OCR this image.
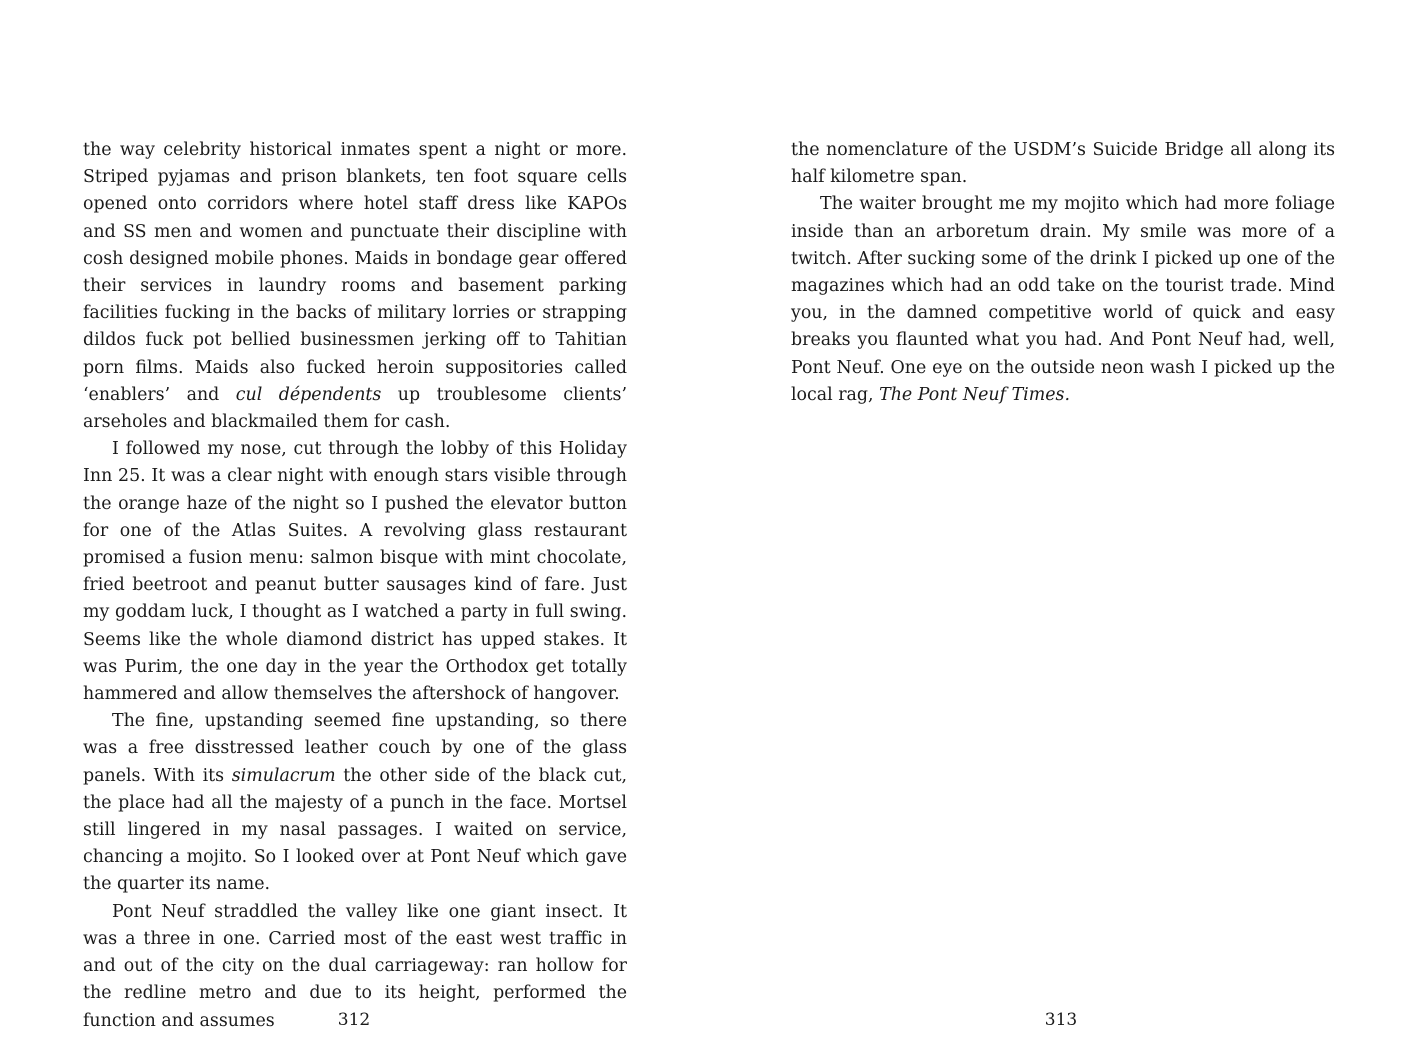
the way celebrity historical inmates spent a night or more. Striped pyjamas and prison blankets, ten foot square cells opened onto corridors where hotel staff dress like KAPOs and SS men and women and punctuate their discipline with cosh designed mobile phones. Maids in bondage gear offered their services in laundry rooms and basement parking facilities fucking in the backs of military lorries or strapping dildos fuck pot bellied businessmen jerking off to Tahitian porn films. Maids also fucked heroin suppositories called ‘enablers’ and cul dépendents up troublesome clients’ arseholes and blackmailed them for cash.

I followed my nose, cut through the lobby of this Holiday Inn 25. It was a clear night with enough stars visible through the orange haze of the night so I pushed the elevator button for one of the Atlas Suites. A revolving glass restaurant promised a fusion menu: salmon bisque with mint chocolate, fried beetroot and peanut butter sausages kind of fare. Just my goddam luck, I thought as I watched a party in full swing. Seems like the whole diamond district has upped stakes. It was Purim, the one day in the year the Orthodox get totally hammered and allow themselves the aftershock of hangover.

The fine, upstanding seemed fine upstanding, so there was a free disstressed leather couch by one of the glass panels. With its simulacrum the other side of the black cut, the place had all the majesty of a punch in the face. Mortsel still lingered in my nasal passages. I waited on service, chancing a mojito. So I looked over at Pont Neuf which gave the quarter its name.

Pont Neuf straddled the valley like one giant insect. It was a three in one. Carried most of the east west traffic in and out of the city on the dual carriageway: ran hollow for the redline metro and due to its height, performed the function and assumes	312

the nomenclature of the USDM’s Suicide Bridge all along its half kilometre span.

The waiter brought me my mojito which had more foliage inside than an arboretum drain. My smile was more of a twitch. After sucking some of the drink I picked up one of the magazines which had an odd take on the tourist trade. Mind you, in the damned competitive world of quick and easy breaks you flaunted what you had. And Pont Neuf had, well, Pont Neuf. One eye on the outside neon wash I picked up the local rag, The Pont Neuf Times.

313
